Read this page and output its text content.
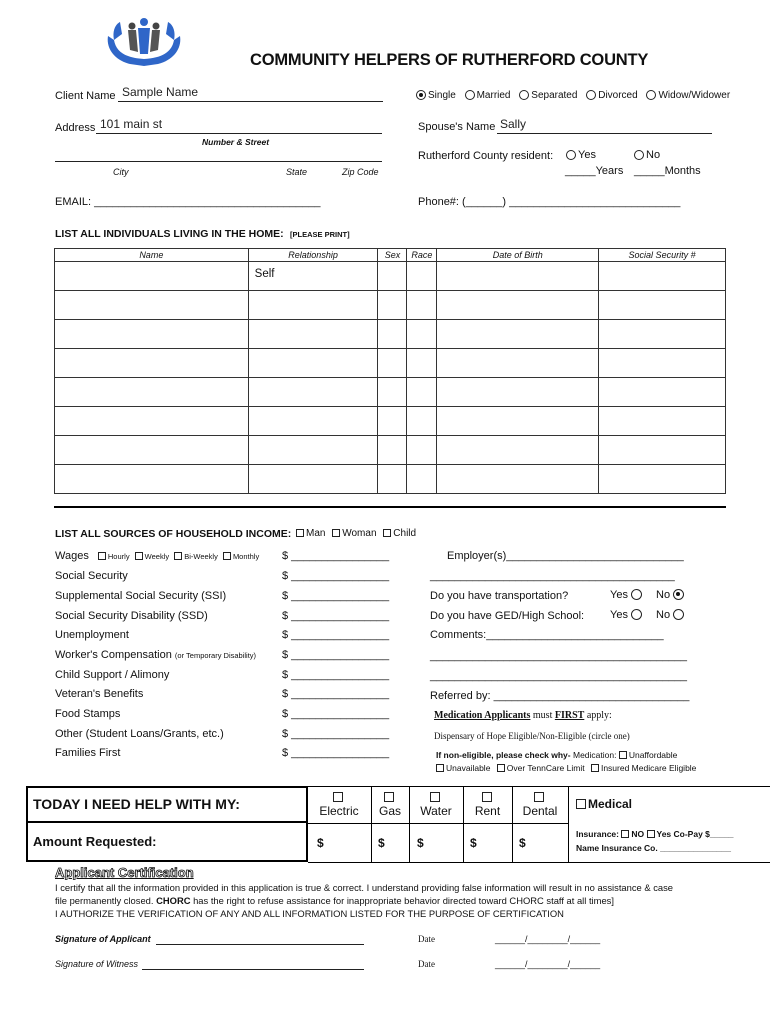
COMMUNITY HELPERS OF RUTHERFORD COUNTY
Client Name Sample Name	Single Married Separated Divorced Widow/Widower
Address 101 main st
Number & Street
City	State	Zip Code
Spouse's Name Sally
Rutherford County resident:	Yes	No
_____Years _____Months
EMAIL: _____________________________________	Phone#: (______) ____________________________
LIST ALL INDIVIDUALS LIVING IN THE HOME: [PLEASE PRINT]
Name	Relationship	Sex	Race	Date of Birth	Social Security #
	Self				

LIST ALL SOURCES OF HOUSEHOLD INCOME:	Man Woman Child
Wages	Hourly Weekly Bi-Weekly Monthly $ ________________
Social Security	$ ________________
Supplemental Social Security (SSI)	$ ________________
Social Security Disability (SSD)	$ ________________
Unemployment	$ ________________
Worker's Compensation (or Temporary Disability) $ ________________
Child Support / Alimony	$ ________________
Veteran's Benefits	$ ________________
Food Stamps	$ ________________
Other (Student Loans/Grants, etc.)	$ ________________
Families First	$ ________________
Employer(s)_____________________________
________________________________________
Do you have transportation?	Yes	No
Do you have GED/High School: Yes	No
Comments:_____________________________
__________________________________________
__________________________________________
Referred by: ________________________________
Medication Applicants must FIRST apply:
Dispensary of Hope Eligible/Non-Eligible (circle one)
If non-eligible, please check why- Medication: Unaffordable
Unavailable Over TennCare Limit Insured Medicare Eligible
TODAY I NEED HELP WITH MY:
Amount Requested:

Electric	Gas	Water	Rent	Dental
$	$	$	$	$
Medical
Insurance: NO Yes Co-Pay $_____
Name Insurance Co. _______________
Applicant Certification
I certify that all the information provided in this application is true & correct. I understand providing false information will result in no assistance & case
file permanently closed. CHORC has the right to refuse assistance for inappropriate behavior directed toward CHORC staff at all times]
I AUTHORIZE THE VERIFICATION OF ANY AND ALL INFORMATION LISTED FOR THE PURPOSE OF CERTIFICATION
Signature of Applicant	Date	______/________/______
Signature of Witness	Date	______/________/______
